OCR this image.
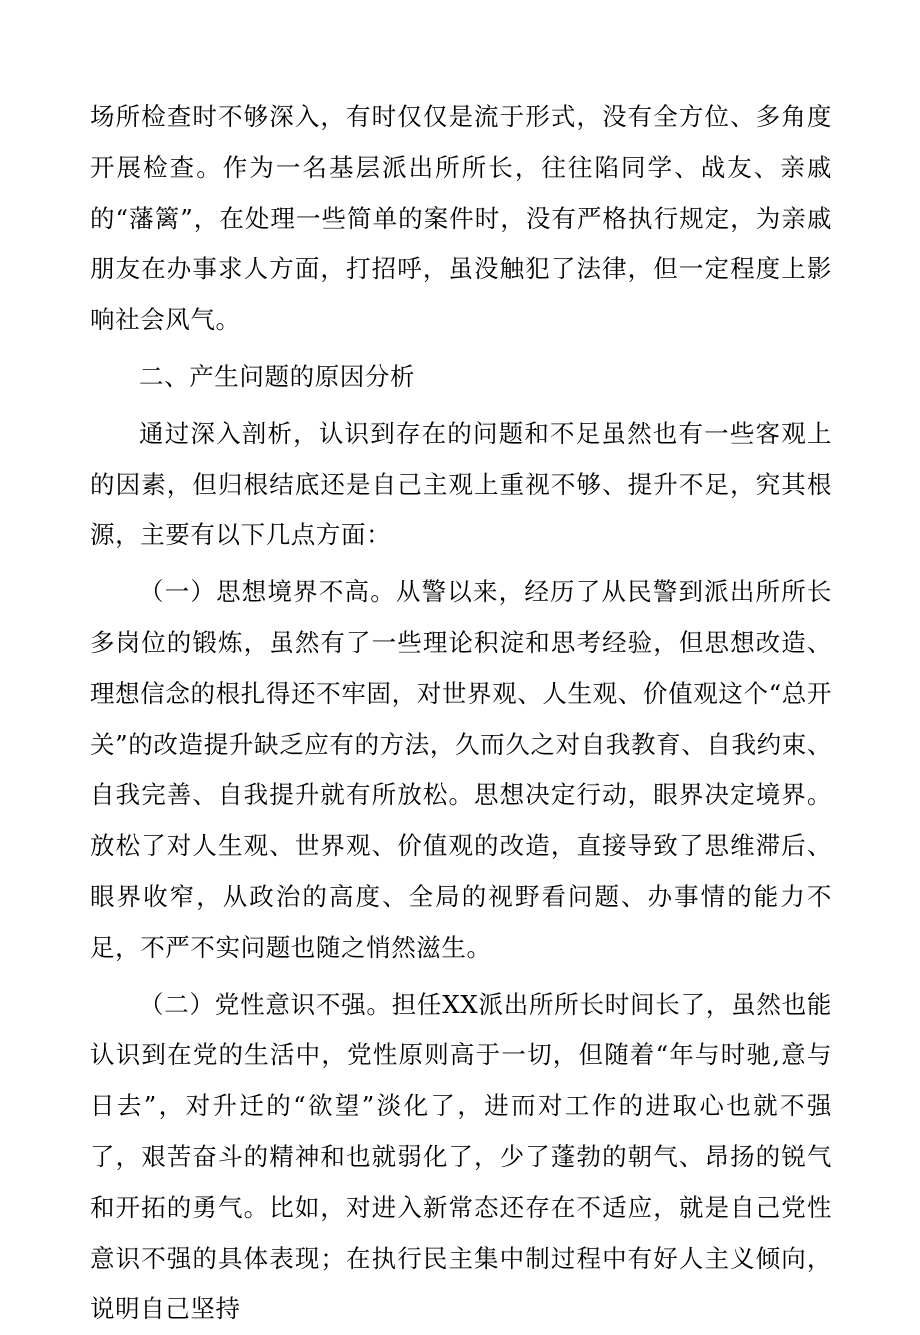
场所检查时不够深入，有时仅仅是流于形式，没有全方位、多角度开展检查。作为一名基层派出所所长，往往陷同学、战友、亲戚的“藩篱”，在处理一些简单的案件时，没有严格执行规定，为亲戚朋友在办事求人方面，打招呼，虽没触犯了法律，但一定程度上影响社会风气。

二、产生问题的原因分析

通过深入剖析，认识到存在的问题和不足虽然也有一些客观上的因素，但归根结底还是自己主观上重视不够、提升不足，究其根源，主要有以下几点方面：

（一）思想境界不高。从警以来，经历了从民警到派出所所长多岗位的锻炼，虽然有了一些理论积淀和思考经验，但思想改造、理想信念的根扎得还不牢固，对世界观、人生观、价值观这个“总开关”的改造提升缺乏应有的方法，久而久之对自我教育、自我约束、自我完善、自我提升就有所放松。思想决定行动，眼界决定境界。放松了对人生观、世界观、价值观的改造，直接导致了思维滞后、眼界收窄，从政治的高度、全局的视野看问题、办事情的能力不足，不严不实问题也随之悄然滋生。

（二）党性意识不强。担任XX派出所所长时间长了，虽然也能认识到在党的生活中，党性原则高于一切，但随着“年与时驰,意与日去”，对升迁的“欲望”淡化了，进而对工作的进取心也就不强了，艰苦奋斗的精神和也就弱化了，少了蓬勃的朝气、昂扬的锐气和开拓的勇气。比如，对进入新常态还存在不适应，就是自己党性意识不强的具体表现；在执行民主集中制过程中有好人主义倾向，说明自己坚持
